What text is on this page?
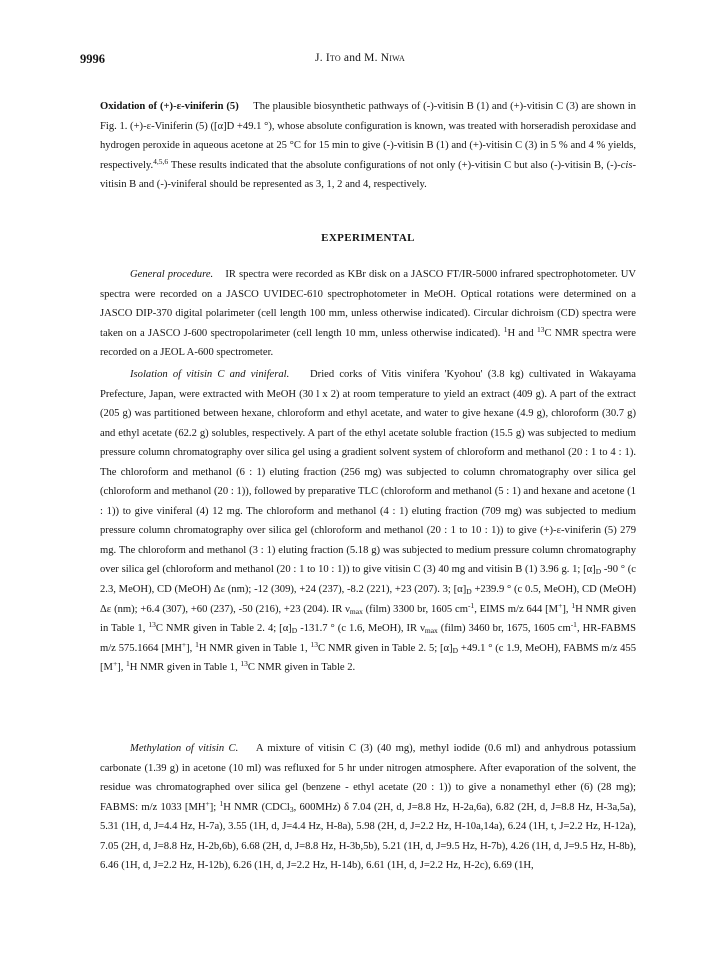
9996	J. Ito and M. Niwa

Oxidation of (+)-ε-viniferin (5) The plausible biosynthetic pathways of (-)-vitisin B (1) and (+)-vitisin C (3) are shown in Fig. 1. (+)-ε-Viniferin (5) ([α]D +49.1 °), whose absolute configuration is known, was treated with horseradish peroxidase and hydrogen peroxide in aqueous acetone at 25 °C for 15 min to give (-)-vitisin B (1) and (+)-vitisin C (3) in 5 % and 4 % yields, respectively.$^{4,5,6}$ These results indicated that the absolute configurations of not only (+)-vitisin C but also (-)-vitisin B, (-)-cis-vitisin B and (-)-viniferal should be represented as 3, 1, 2 and 4, respectively.

EXPERIMENTAL

General procedure. IR spectra were recorded as KBr disk on a JASCO FT/IR-5000 infrared spectrophotometer. UV spectra were recorded on a JASCO UVIDEC-610 spectrophotometer in MeOH. Optical rotations were determined on a JASCO DIP-370 digital polarimeter (cell length 100 mm, unless otherwise indicated). Circular dichroism (CD) spectra were taken on a JASCO J-600 spectropolarimeter (cell length 10 mm, unless otherwise indicated). $^1$H and $^{13}$C NMR spectra were recorded on a JEOL A-600 spectrometer.

Isolation of vitisin C and viniferal. Dried corks of Vitis vinifera 'Kyohou' (3.8 kg) cultivated in Wakayama Prefecture, Japan, were extracted with MeOH (30 l x 2) at room temperature to yield an extract (409 g). A part of the extract (205 g) was partitioned between hexane, chloroform and ethyl acetate, and water to give hexane (4.9 g), chloroform (30.7 g) and ethyl acetate (62.2 g) solubles, respectively. A part of the ethyl acetate soluble fraction (15.5 g) was subjected to medium pressure column chromatography over silica gel using a gradient solvent system of chloroform and methanol (20 : 1 to 4 : 1). The chloroform and methanol (6 : 1) eluting fraction (256 mg) was subjected to column chromatography over silica gel (chloroform and methanol (20 : 1)), followed by preparative TLC (chloroform and methanol (5 : 1) and hexane and acetone (1 : 1)) to give viniferal (4) 12 mg. The chloroform and methanol (4 : 1) eluting fraction (709 mg) was subjected to medium pressure column chromatography over silica gel (chloroform and methanol (20 : 1 to 10 : 1)) to give (+)-ε-viniferin (5) 279 mg. The chloroform and methanol (3 : 1) eluting fraction (5.18 g) was subjected to medium pressure column chromatography over silica gel (chloroform and methanol (20 : 1 to 10 : 1)) to give vitisin C (3) 40 mg and vitisin B (1) 3.96 g. 1; $[\alpha]_D$ -90 ° (c 2.3, MeOH), CD (MeOH) Δε (nm); -12 (309), +24 (237), -8.2 (221), +23 (207). 3; $[\alpha]_D +239.9$ ° (c 0.5, MeOH), CD (MeOH) Δε (nm); +6.4 (307), +60 (237), -50 (216), +23 (204). IR $\nu_{max}$ (film) 3300 br, 1605 $cm^{-1}$, EIMS m/z 644 [M+], $^1$H NMR given in Table 1, $^{13}$C NMR given in Table 2. 4; $[\alpha]_D$ -131.7 ° (c 1.6, MeOH), IR $\nu_{max}$ (film) 3460 br, 1675, 1605 $cm^{-1}$, HR-FABMS m/z 575.1664 [MH+], $^1$H NMR given in Table 1, $^{13}$C NMR given in Table 2. 5; $[\alpha]_D +49.1$ ° (c 1.9, MeOH), FABMS m/z 455 [M+], $^1$H NMR given in Table 1, $^{13}$C NMR given in Table 2.

Methylation of vitisin C. A mixture of vitisin C (3) (40 mg), methyl iodide (0.6 ml) and anhydrous potassium carbonate (1.39 g) in acetone (10 ml) was refluxed for 5 hr under nitrogen atmosphere. After evaporation of the solvent, the residue was chromatographed over silica gel (benzene - ethyl acetate (20 : 1)) to give a nonamethyl ether (6) (28 mg); FABMS: m/z 1033 [MH+]; $^1$H NMR (CDCl$_3$, 600MHz) δ 7.04 (2H, d, J=8.8 Hz, H-2a,6a), 6.82 (2H, d, J=8.8 Hz, H-3a,5a), 5.31 (1H, d, J=4.4 Hz, H-7a), 3.55 (1H, d, J=4.4 Hz, H-8a), 5.98 (2H, d, J=2.2 Hz, H-10a,14a), 6.24 (1H, t, J=2.2 Hz, H-12a), 7.05 (2H, d, J=8.8 Hz, H-2b,6b), 6.68 (2H, d, J=8.8 Hz, H-3b,5b), 5.21 (1H, d, J=9.5 Hz, H-7b), 4.26 (1H, d, J=9.5 Hz, H-8b), 6.46 (1H, d, J=2.2 Hz, H-12b), 6.26 (1H, d, J=2.2 Hz, H-14b), 6.61 (1H, d, J=2.2 Hz, H-2c), 6.69 (1H,
